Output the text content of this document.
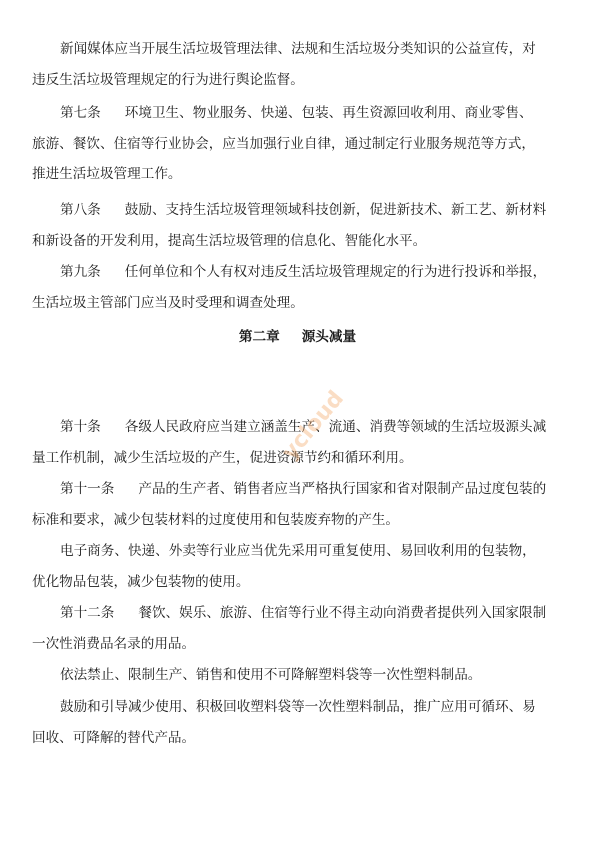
新闻媒体应当开展生活垃圾管理法律、法规和生活垃圾分类知识的公益宣传，对
违反生活垃圾管理规定的行为进行舆论监督。
第七条 环境卫生、物业服务、快递、包装、再生资源回收利用、商业零售、
旅游、餐饮、住宿等行业协会，应当加强行业自律，通过制定行业服务规范等方式，
推进生活垃圾管理工作。
第八条 鼓励、支持生活垃圾管理领域科技创新，促进新技术、新工艺、新材料
和新设备的开发利用，提高生活垃圾管理的信息化、智能化水平。
第九条 任何单位和个人有权对违反生活垃圾管理规定的行为进行投诉和举报，
生活垃圾主管部门应当及时受理和调查处理。
第二章 源头减量
第十条 各级人民政府应当建立涵盖生产、流通、消费等领域的生活垃圾源头减
量工作机制，减少生活垃圾的产生，促进资源节约和循环利用。
第十一条 产品的生产者、销售者应当严格执行国家和省对限制产品过度包装的
标准和要求，减少包装材料的过度使用和包装废弃物的产生。
电子商务、快递、外卖等行业应当优先采用可重复使用、易回收利用的包装物，
优化物品包装，减少包装物的使用。
第十二条 餐饮、娱乐、旅游、住宿等行业不得主动向消费者提供列入国家限制
一次性消费品名录的用品。
依法禁止、限制生产、销售和使用不可降解塑料袋等一次性塑料制品。
鼓励和引导减少使用、积极回收塑料袋等一次性塑料制品，推广应用可循环、易
回收、可降解的替代产品。
ycloud
